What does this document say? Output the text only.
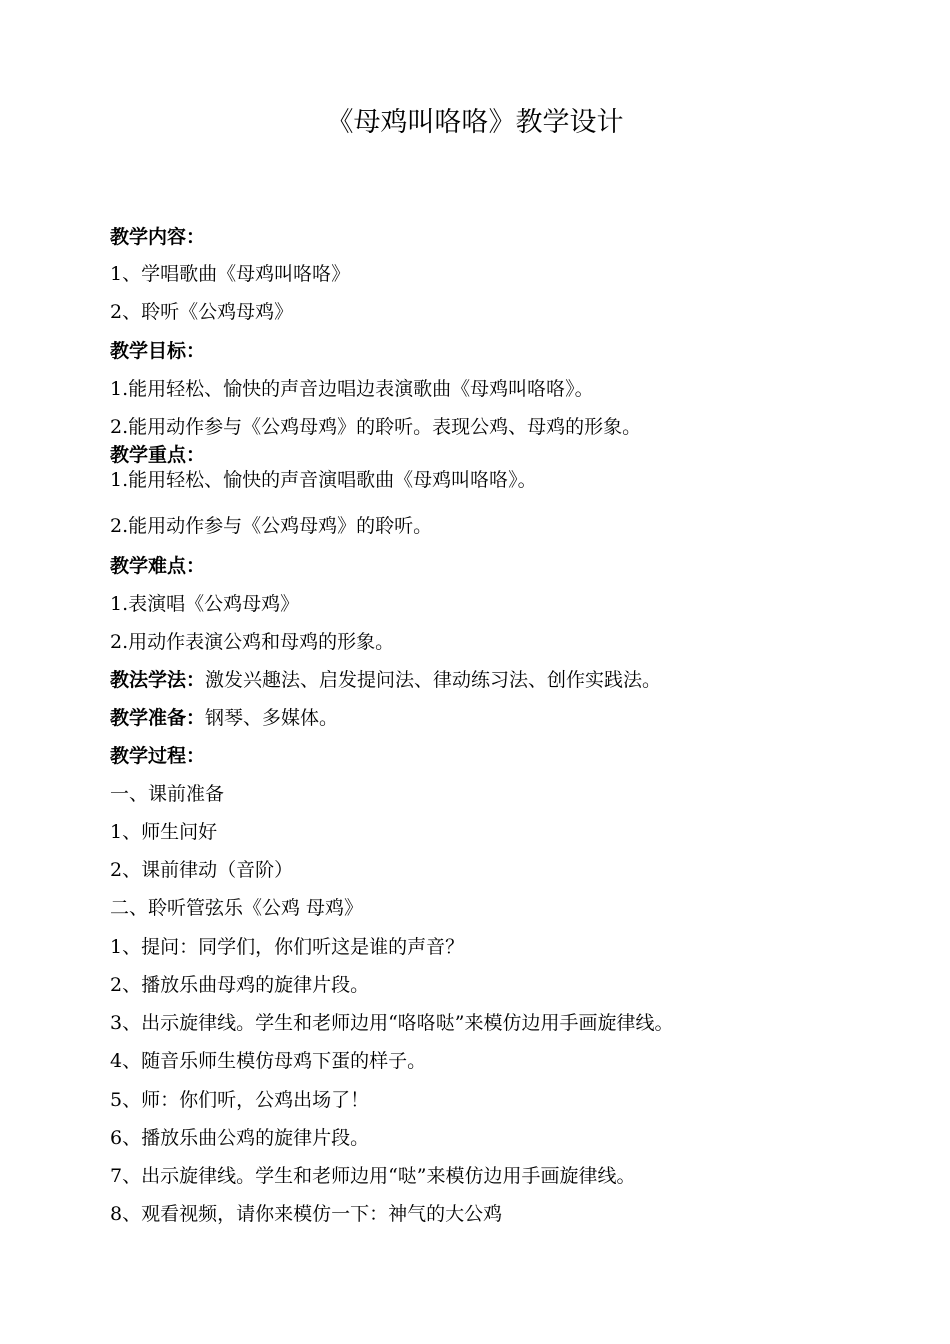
《母鸡叫咯咯》教学设计
教学内容：
1、学唱歌曲《母鸡叫咯咯》
2、聆听《公鸡母鸡》
教学目标：
1.能用轻松、愉快的声音边唱边表演歌曲《母鸡叫咯咯》。
2.能用动作参与《公鸡母鸡》的聆听。表现公鸡、母鸡的形象。
教学重点：
1.能用轻松、愉快的声音演唱歌曲《母鸡叫咯咯》。
2.能用动作参与《公鸡母鸡》的聆听。
教学难点：
1.表演唱《公鸡母鸡》
2.用动作表演公鸡和母鸡的形象。
教法学法：激发兴趣法、启发提问法、律动练习法、创作实践法。
教学准备：钢琴、多媒体。
教学过程：
一、课前准备
1、师生问好
2、课前律动（音阶）
二、聆听管弦乐《公鸡 母鸡》
1、提问：同学们，你们听这是谁的声音？
2、播放乐曲母鸡的旋律片段。
3、出示旋律线。学生和老师边用“咯咯哒”来模仿边用手画旋律线。
4、随音乐师生模仿母鸡下蛋的样子。
5、师：你们听，公鸡出场了！
6、播放乐曲公鸡的旋律片段。
7、出示旋律线。学生和老师边用“哒”来模仿边用手画旋律线。
8、观看视频，请你来模仿一下：神气的大公鸡
